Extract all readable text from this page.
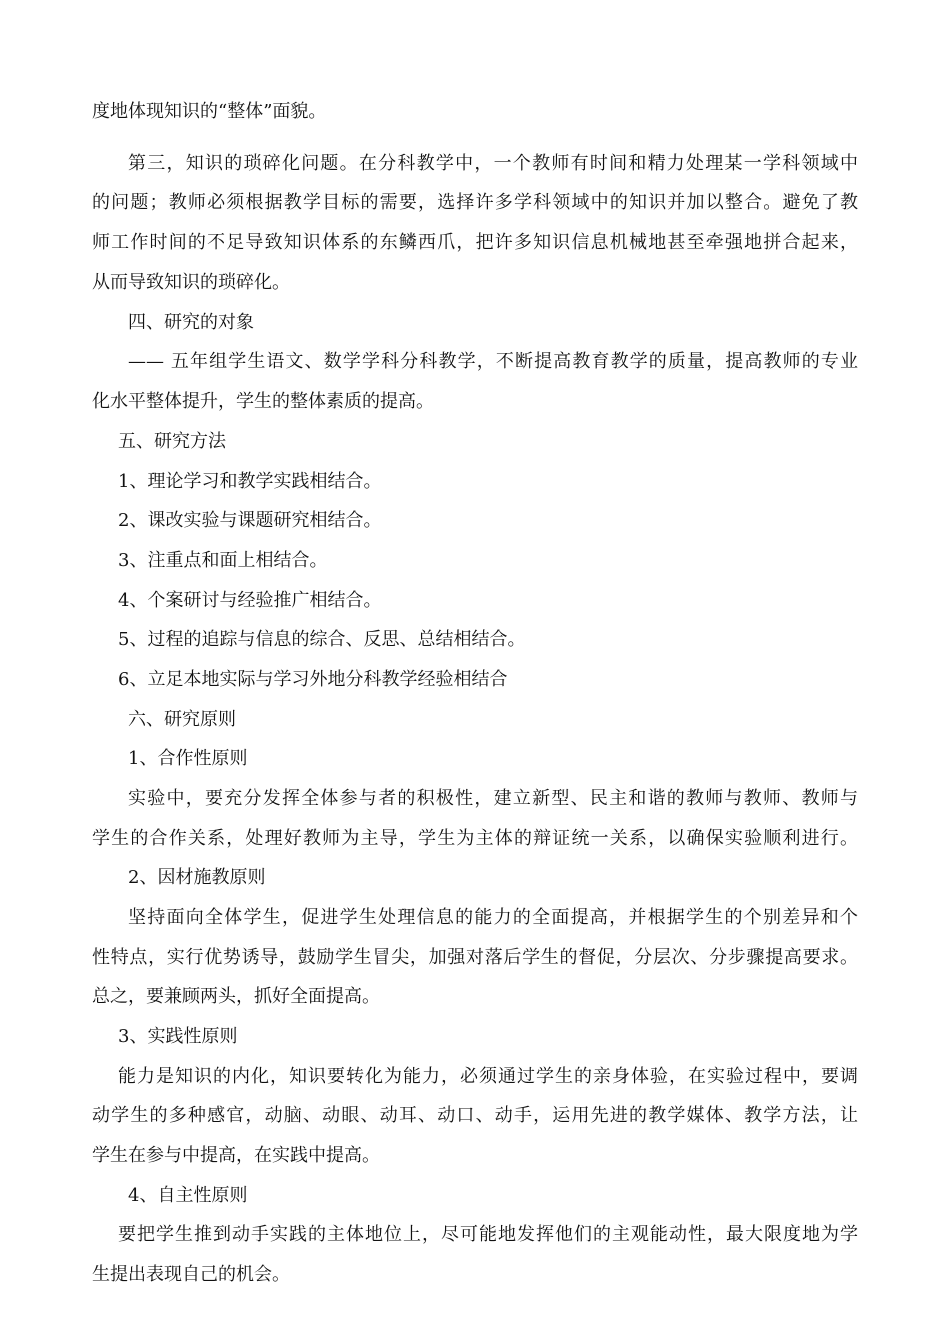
度地体现知识的“整体”面貌。

第三，知识的琐碎化问题。在分科教学中，一个教师有时间和精力处理某一学科领域中

的问题；教师必须根据教学目标的需要，选择许多学科领域中的知识并加以整合。避免了教

师工作时间的不足导致知识体系的东鳞西爪，把许多知识信息机械地甚至牵强地拼合起来，

从而导致知识的琐碎化。

四、研究的对象

—— 五年组学生语文、数学学科分科教学，不断提高教育教学的质量，提高教师的专业

化水平整体提升，学生的整体素质的提高。

五、研究方法

1、理论学习和教学实践相结合。

2、课改实验与课题研究相结合。

3、注重点和面上相结合。

4、个案研讨与经验推广相结合。

5、过程的追踪与信息的综合、反思、总结相结合。

6、立足本地实际与学习外地分科教学经验相结合

六、研究原则

1、合作性原则

实验中，要充分发挥全体参与者的积极性，建立新型、民主和谐的教师与教师、教师与

学生的合作关系，处理好教师为主导，学生为主体的辩证统一关系，以确保实验顺利进行。

2、因材施教原则

坚持面向全体学生，促进学生处理信息的能力的全面提高，并根据学生的个别差异和个

性特点，实行优势诱导，鼓励学生冒尖，加强对落后学生的督促，分层次、分步骤提高要求。

总之，要兼顾两头，抓好全面提高。

3、实践性原则

能力是知识的内化，知识要转化为能力，必须通过学生的亲身体验，在实验过程中，要调

动学生的多种感官，动脑、动眼、动耳、动口、动手，运用先进的教学媒体、教学方法，让

学生在参与中提高，在实践中提高。

4、自主性原则

要把学生推到动手实践的主体地位上，尽可能地发挥他们的主观能动性，最大限度地为学

生提出表现自己的机会。
